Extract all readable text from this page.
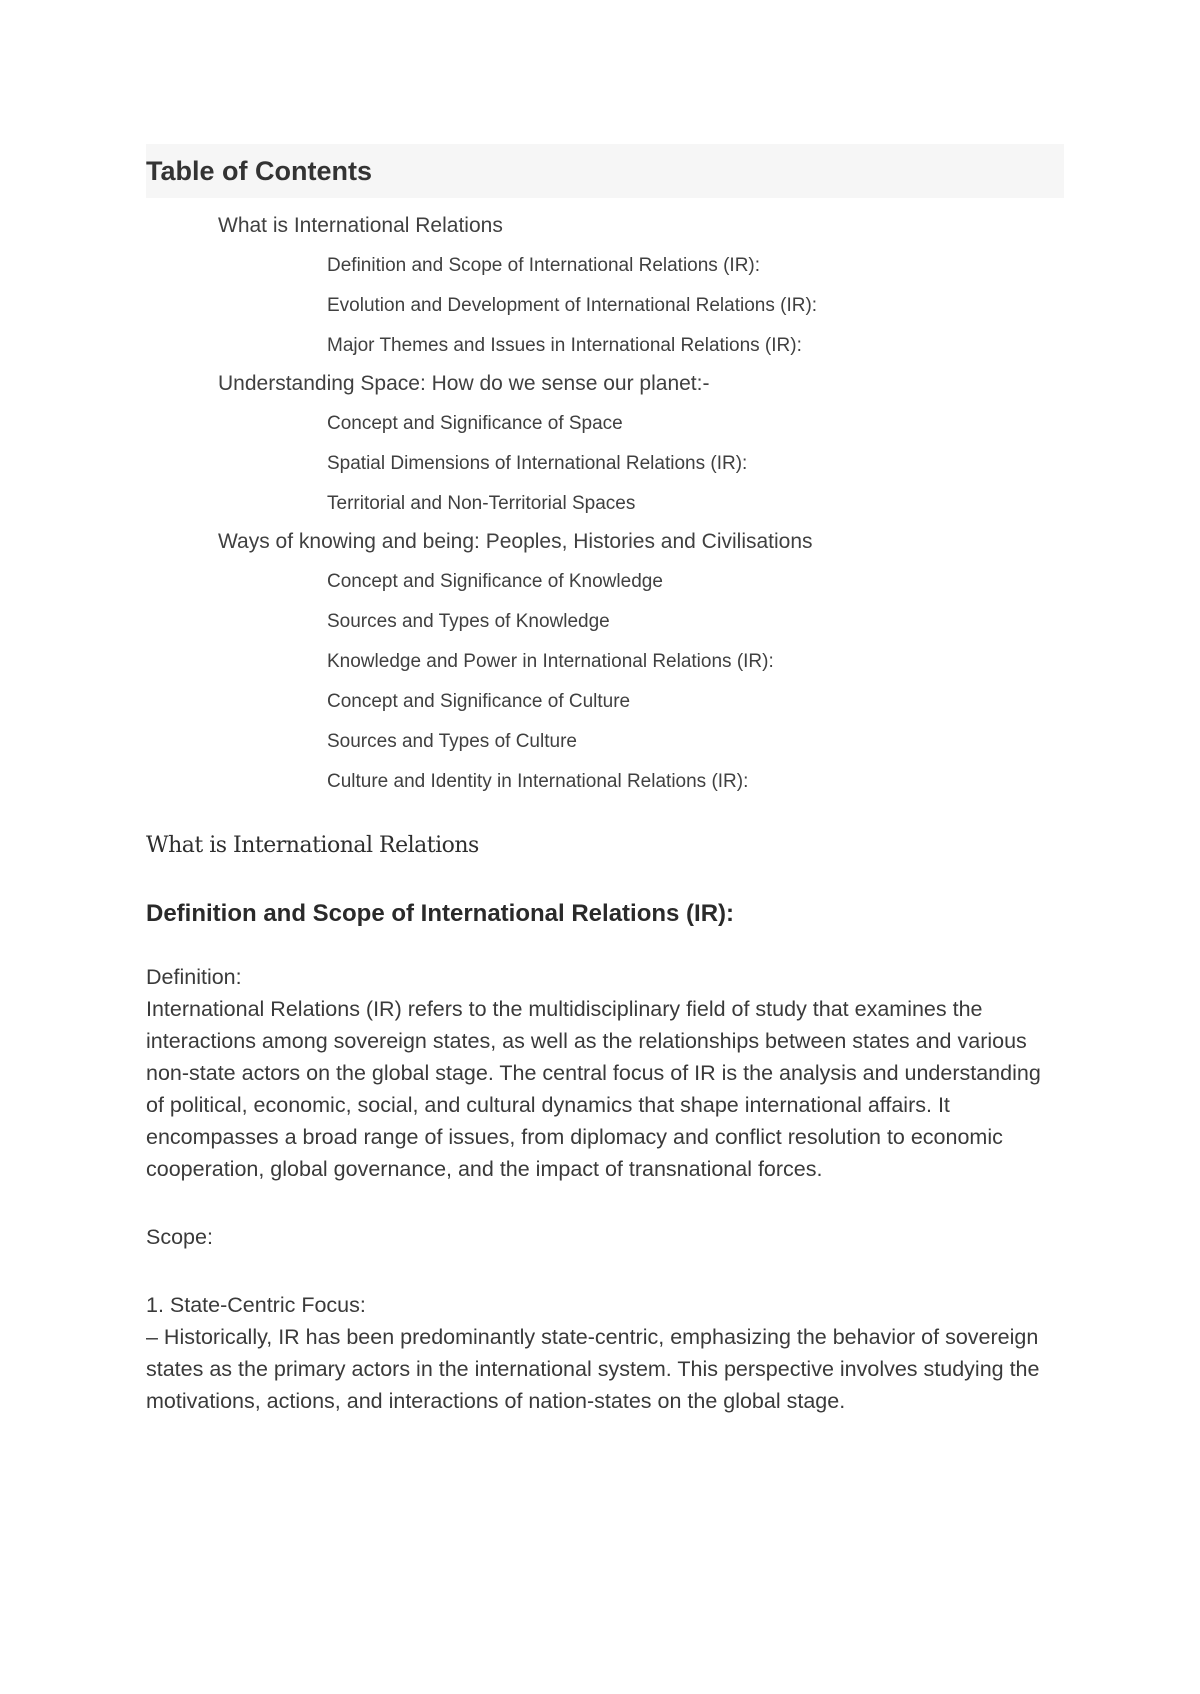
Table of Contents
What is International Relations
Definition and Scope of International Relations (IR):
Evolution and Development of International Relations (IR):
Major Themes and Issues in International Relations (IR):
Understanding Space: How do we sense our planet:-
Concept and Significance of Space
Spatial Dimensions of International Relations (IR):
Territorial and Non-Territorial Spaces
Ways of knowing and being: Peoples, Histories and Civilisations
Concept and Significance of Knowledge
Sources and Types of Knowledge
Knowledge and Power in International Relations (IR):
Concept and Significance of Culture
Sources and Types of Culture
Culture and Identity in International Relations (IR):
What is International Relations
Definition and Scope of International Relations (IR):

Definition:

International Relations (IR) refers to the multidisciplinary field of study that examines the interactions among sovereign states, as well as the relationships between states and various non-state actors on the global stage. The central focus of IR is the analysis and understanding of political, economic, social, and cultural dynamics that shape international affairs. It encompasses a broad range of issues, from diplomacy and conflict resolution to economic cooperation, global governance, and the impact of transnational forces.

Scope:

1. State-Centric Focus:

– Historically, IR has been predominantly state-centric, emphasizing the behavior of sovereign states as the primary actors in the international system. This perspective involves studying the motivations, actions, and interactions of nation-states on the global stage.
